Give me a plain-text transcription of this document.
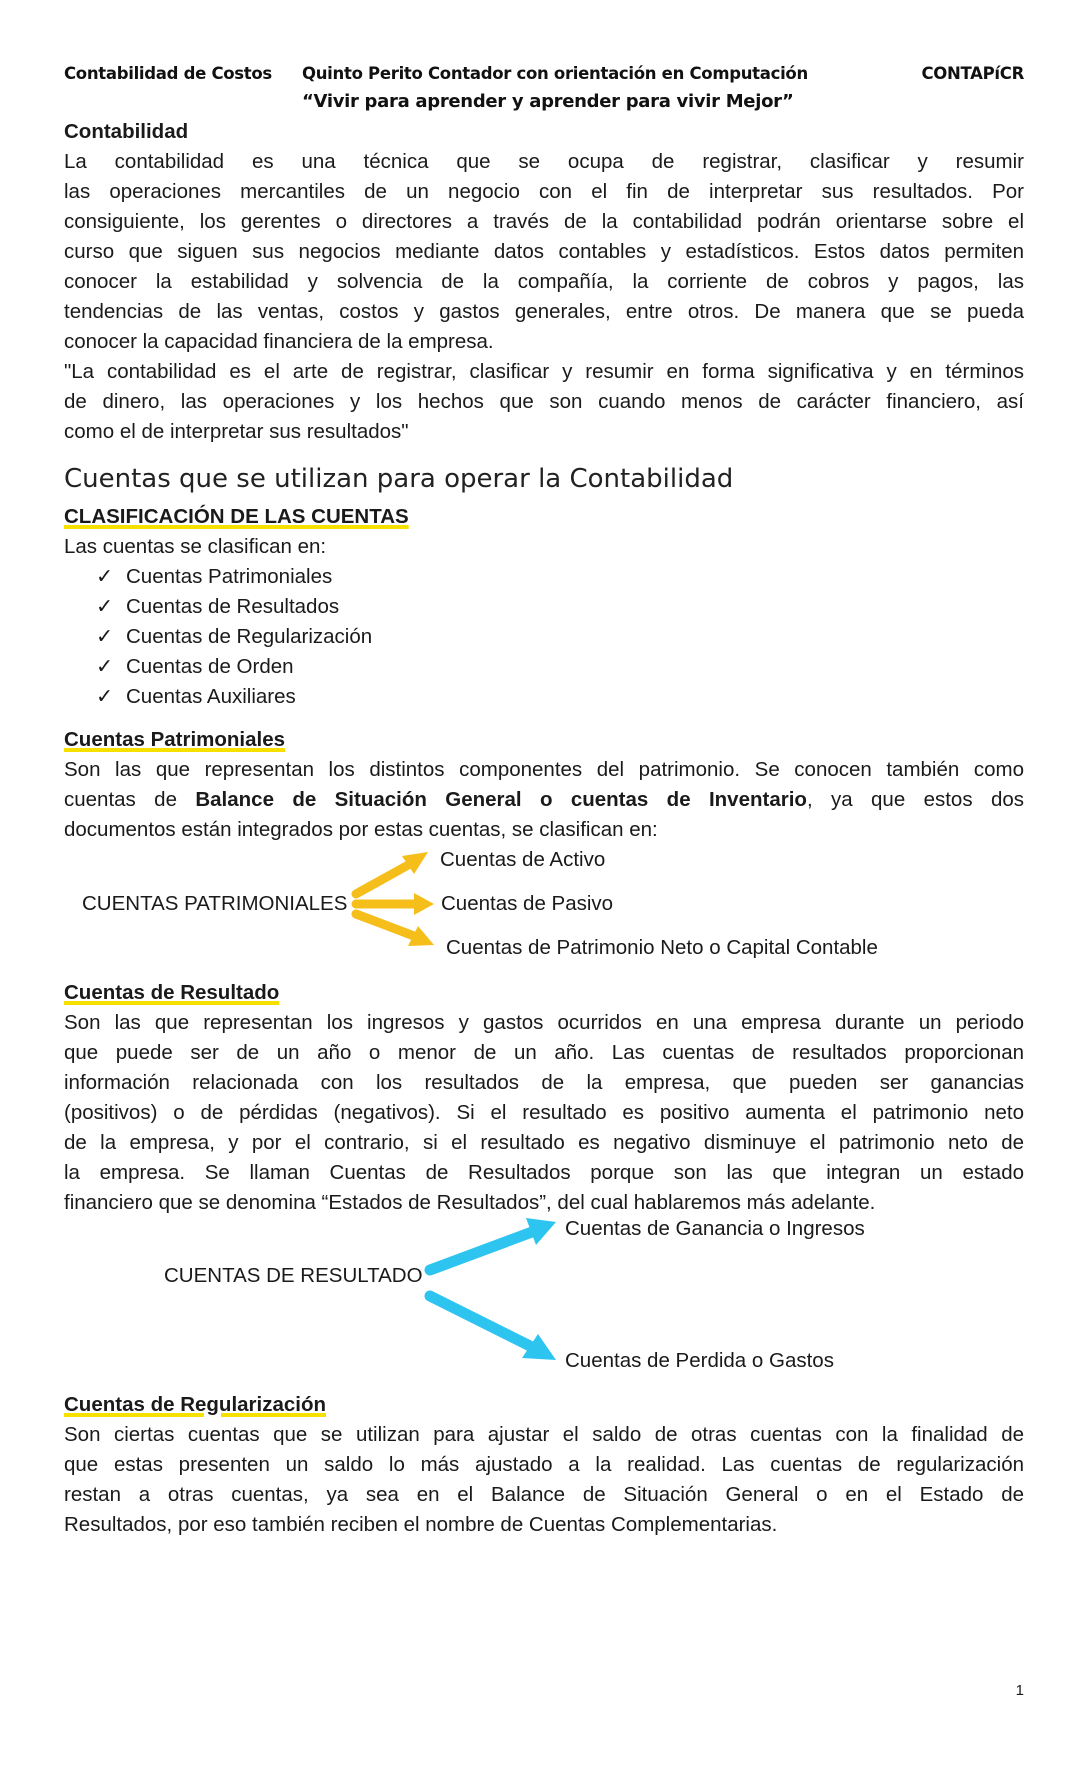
Contabilidad de Costos Quinto Perito Contador con orientación en Computación	CONTAPíCR
“Vivir para aprender y aprender para vivir Mejor”
Contabilidad
La contabilidad es una técnica que se ocupa de registrar, clasificar y resumir
las operaciones mercantiles de un negocio con el fin de interpretar sus resultados. Por
consiguiente, los gerentes o directores a través de la contabilidad podrán orientarse sobre el
curso que siguen sus negocios mediante datos contables y estadísticos. Estos datos permiten
conocer la estabilidad y solvencia de la compañía, la corriente de cobros y pagos, las
tendencias de las ventas, costos y gastos generales, entre otros. De manera que se pueda
conocer la capacidad financiera de la empresa.
"La contabilidad es el arte de registrar, clasificar y resumir en forma significativa y en términos
de dinero, las operaciones y los hechos que son cuando menos de carácter financiero, así
como el de interpretar sus resultados"
Cuentas que se utilizan para operar la Contabilidad
CLASIFICACIÓN DE LAS CUENTAS
Las cuentas se clasifican en:
✓ Cuentas Patrimoniales
✓ Cuentas de Resultados
✓ Cuentas de Regularización
✓ Cuentas de Orden
✓ Cuentas Auxiliares
Cuentas Patrimoniales
Son las que representan los distintos componentes del patrimonio. Se conocen también como
cuentas de Balance de Situación General o cuentas de Inventario, ya que estos dos
documentos están integrados por estas cuentas, se clasifican en:
CUENTAS PATRIMONIALES
Cuentas de Activo
Cuentas de Pasivo
Cuentas de Patrimonio Neto o Capital Contable
Cuentas de Resultado
Son las que representan los ingresos y gastos ocurridos en una empresa durante un periodo
que puede ser de un año o menor de un año. Las cuentas de resultados proporcionan
información relacionada con los resultados de la empresa, que pueden ser ganancias
(positivos) o de pérdidas (negativos). Si el resultado es positivo aumenta el patrimonio neto
de la empresa, y por el contrario, si el resultado es negativo disminuye el patrimonio neto de
la empresa. Se llaman Cuentas de Resultados porque son las que integran un estado
financiero que se denomina “Estados de Resultados”, del cual hablaremos más adelante.
CUENTAS DE RESULTADO
Cuentas de Ganancia o Ingresos
Cuentas de Perdida o Gastos
Cuentas de Regularización
Son ciertas cuentas que se utilizan para ajustar el saldo de otras cuentas con la finalidad de
que estas presenten un saldo lo más ajustado a la realidad. Las cuentas de regularización
restan a otras cuentas, ya sea en el Balance de Situación General o en el Estado de
Resultados, por eso también reciben el nombre de Cuentas Complementarias.
1
